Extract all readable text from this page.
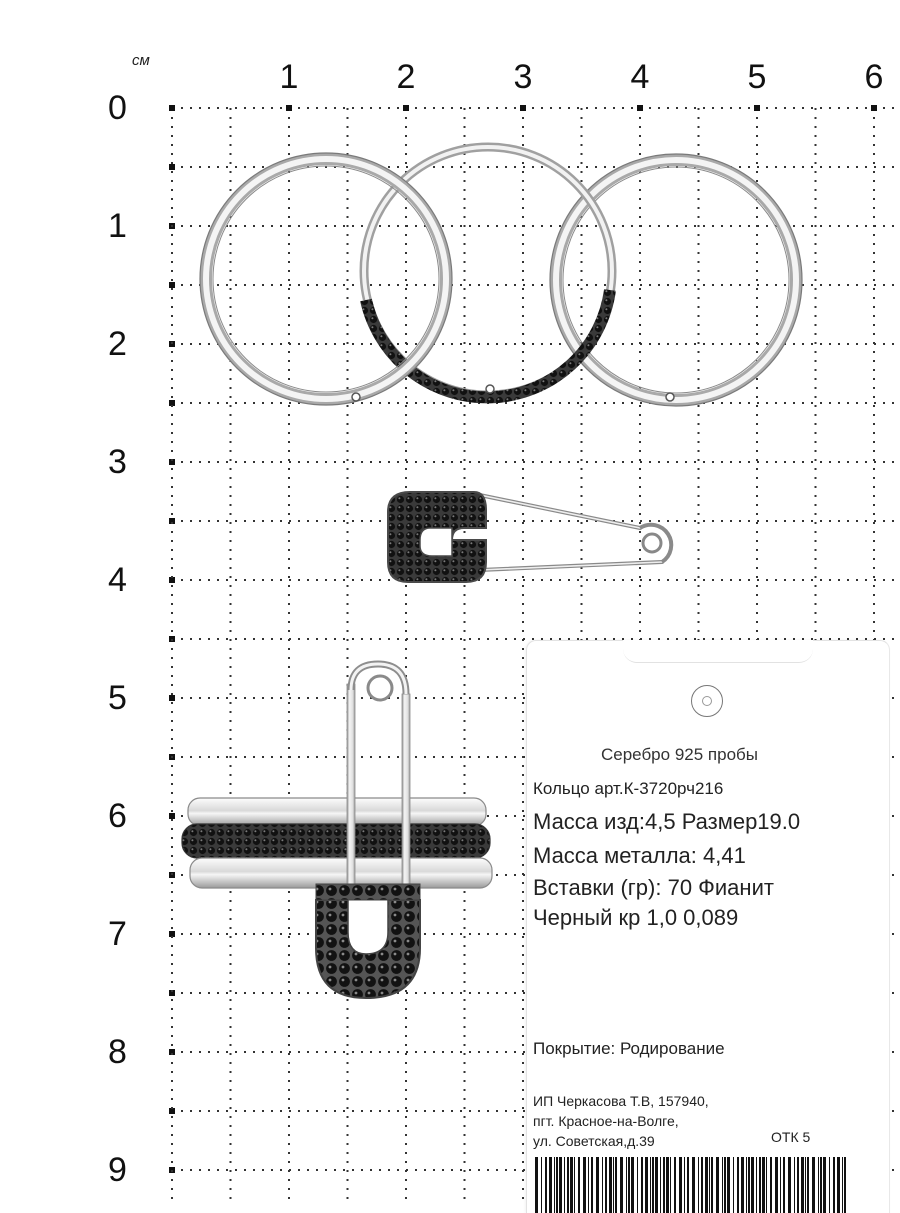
см	1	2	3	4	5	6
0
1
2
3
4
5
6
7
8
9
Серебро 925 пробы
Кольцо арт.К-3720рч216
Масса изд:4,5 Размер19.0
Масса металла: 4,41
Вставки (гр): 70 Фианит
Черный кр 1,0 0,089
Покрытие: Родирование
ИП Черкасова Т.В, 157940,
пгт. Красное-на-Волге,
ул. Советская,д.39	ОТК 5
